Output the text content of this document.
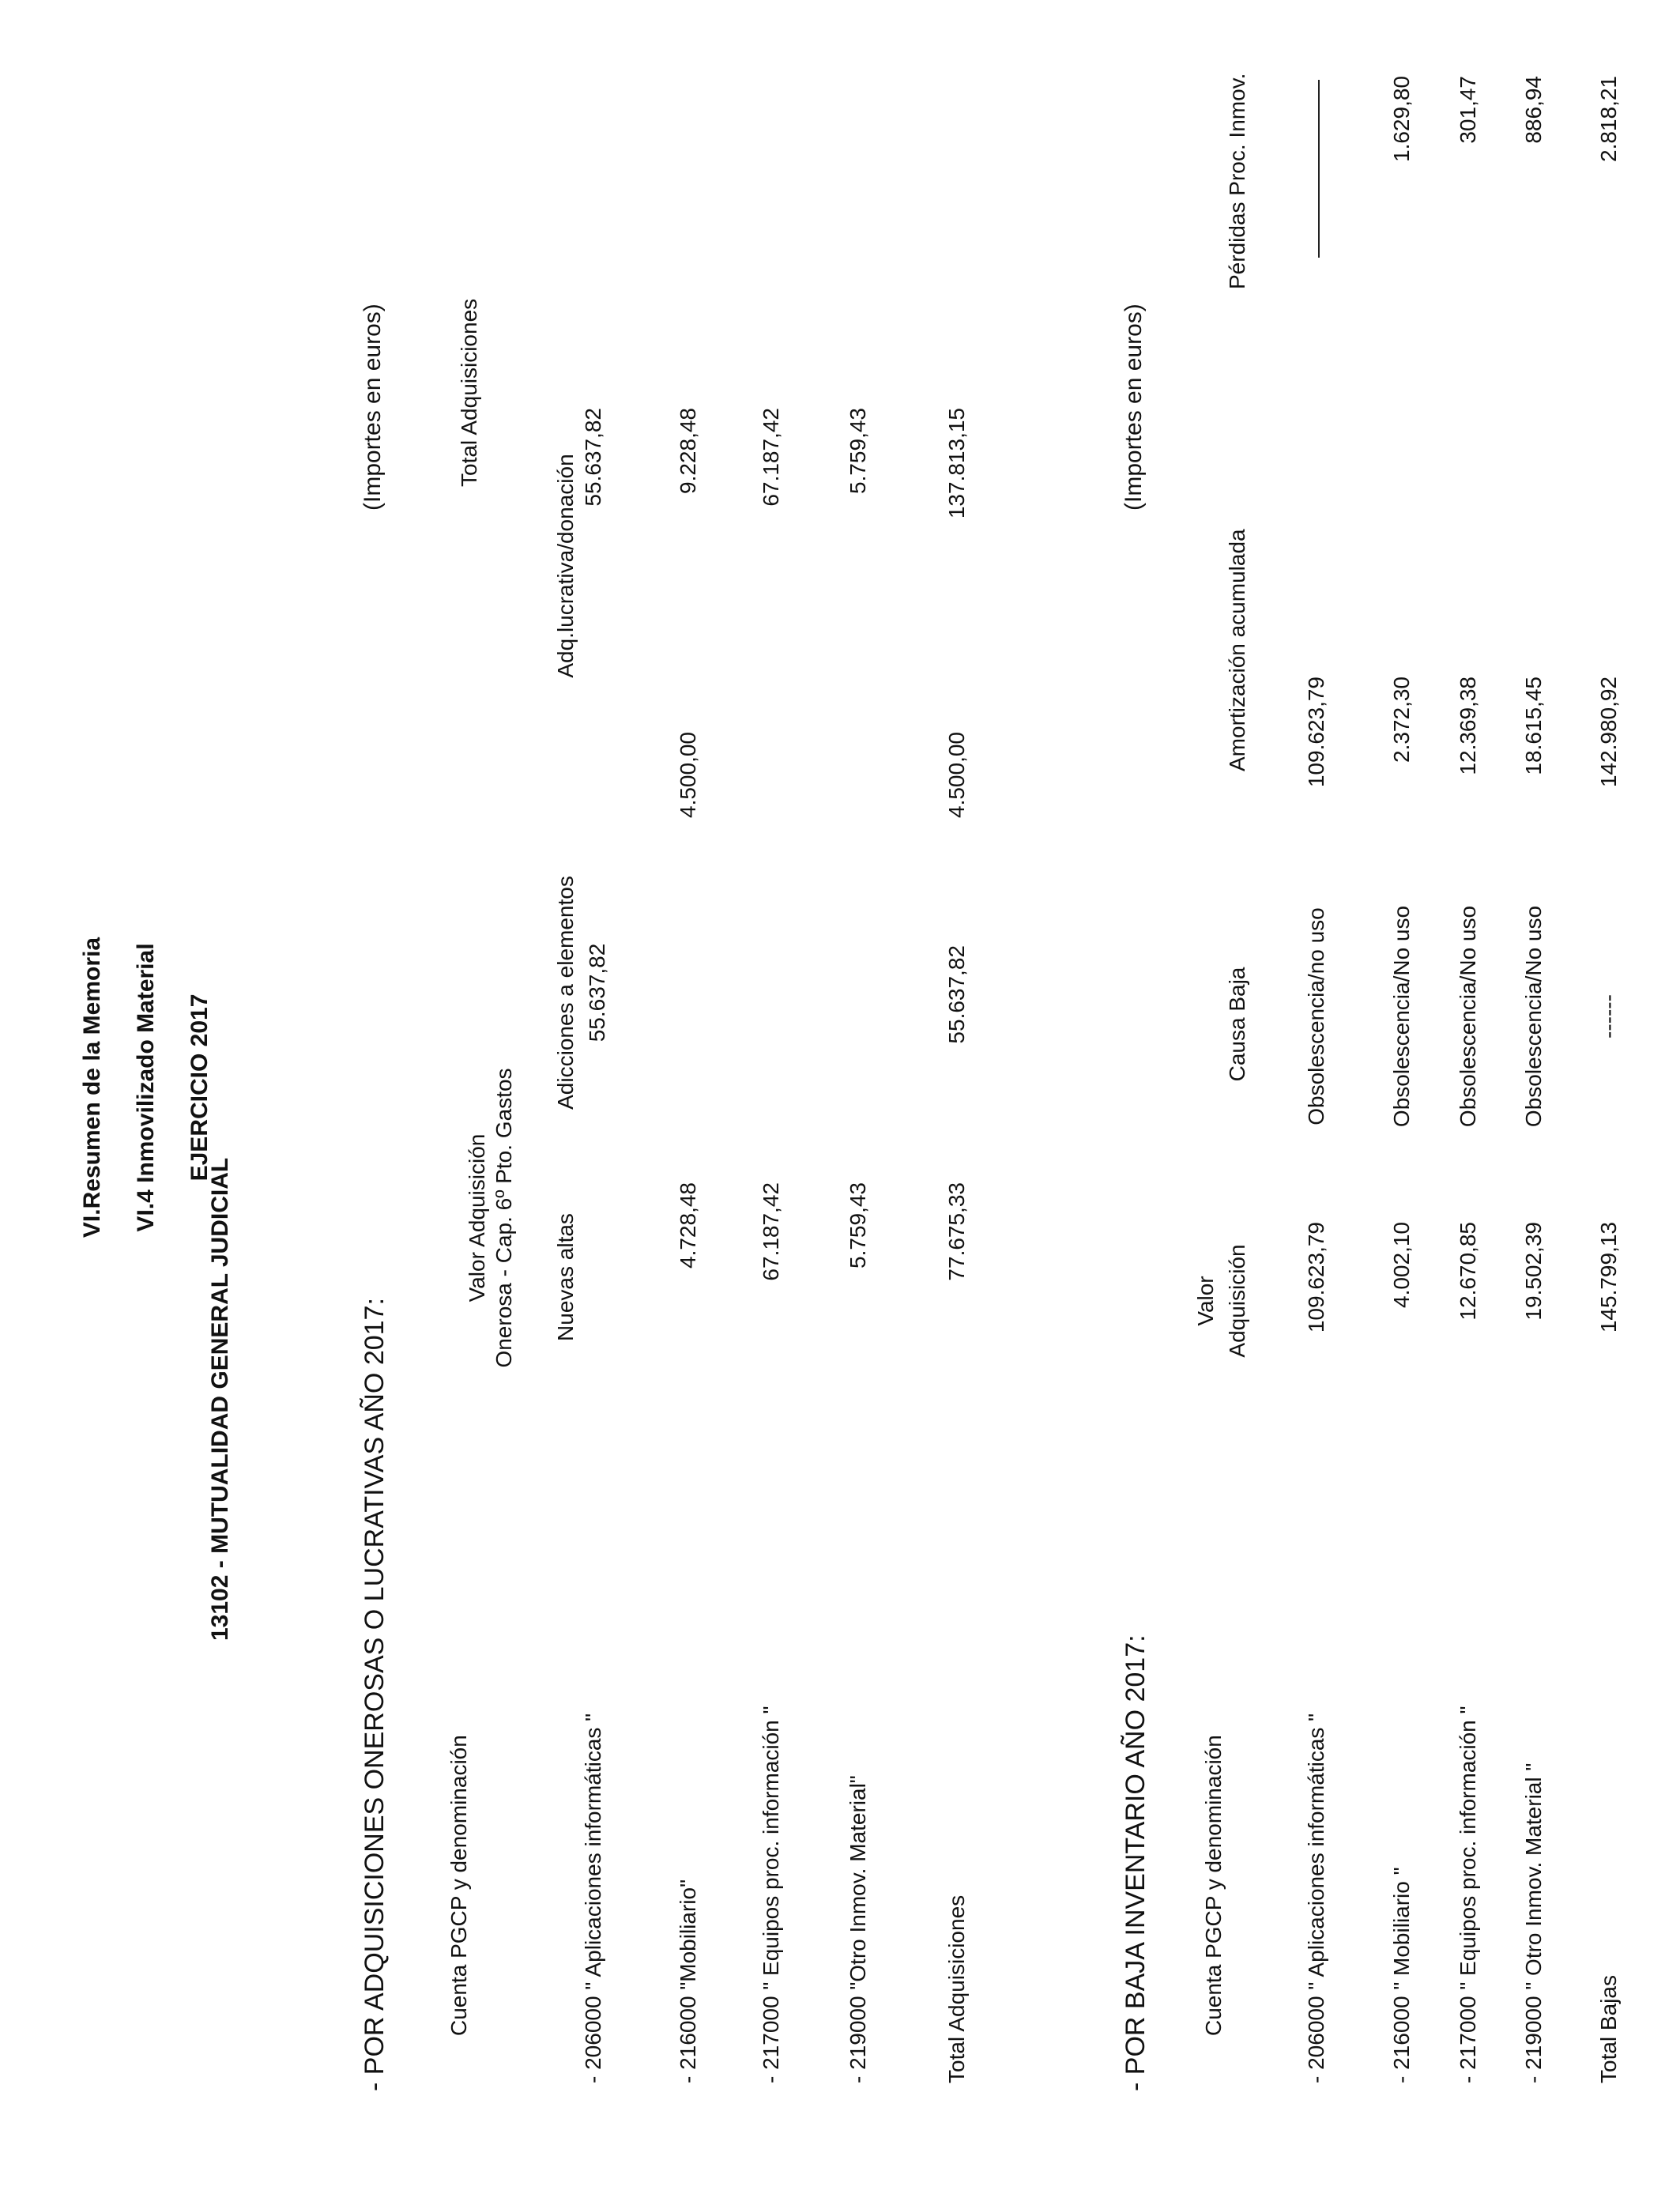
VI.Resumen de la Memoria VI.4 Inmovilizado Material EJERCICIO 2017
13102 - MUTUALIDAD GENERAL JUDICIAL	- POR ADQUISICIONES ONEROSAS O LUCRATIVAS AÑO 2017:
(Importes en euros)
Cuenta PGCP y denominación
Valor Adquisición Onerosa - Cap. 6º Pto. Gastos Nuevas altas
Adicciones a elementos 55.637,82
Adq.lucrativa/donación
Total Adquisiciones
- 206000 " Aplicaciones informáticas "
55.637,82
- 216000 "Mobiliario"
4.728,48
4.500,00
9.228,48
- 217000 " Equipos proc. información "
67.187,42
67.187,42
- 219000 "Otro Inmov. Material"
5.759,43
5.759,43
Total Adquisiciones
77.675,33
55.637,82
4.500,00
137.813,15
- POR BAJA INVENTARIO AÑO 2017:
(Importes en euros)
Cuenta PGCP y denominación
Valor Adquisición
Causa Baja
Amortización acumulada
Pérdidas Proc. Inmov.
- 206000 " Aplicaciones informáticas "
109.623,79
Obsolescencia/no uso
109.623,79
- 216000 " Mobiliario "
4.002,10
Obsolescencia/No uso
2.372,30
1.629,80
- 217000 " Equipos proc. información "
12.670,85
Obsolescencia/No uso
12.369,38
301,47
- 219000 " Otro Inmov. Material "
19.502,39
Obsolescencia/No uso
18.615,45
886,94
Total Bajas
145.799,13
------
142.980,92
2.818,21
